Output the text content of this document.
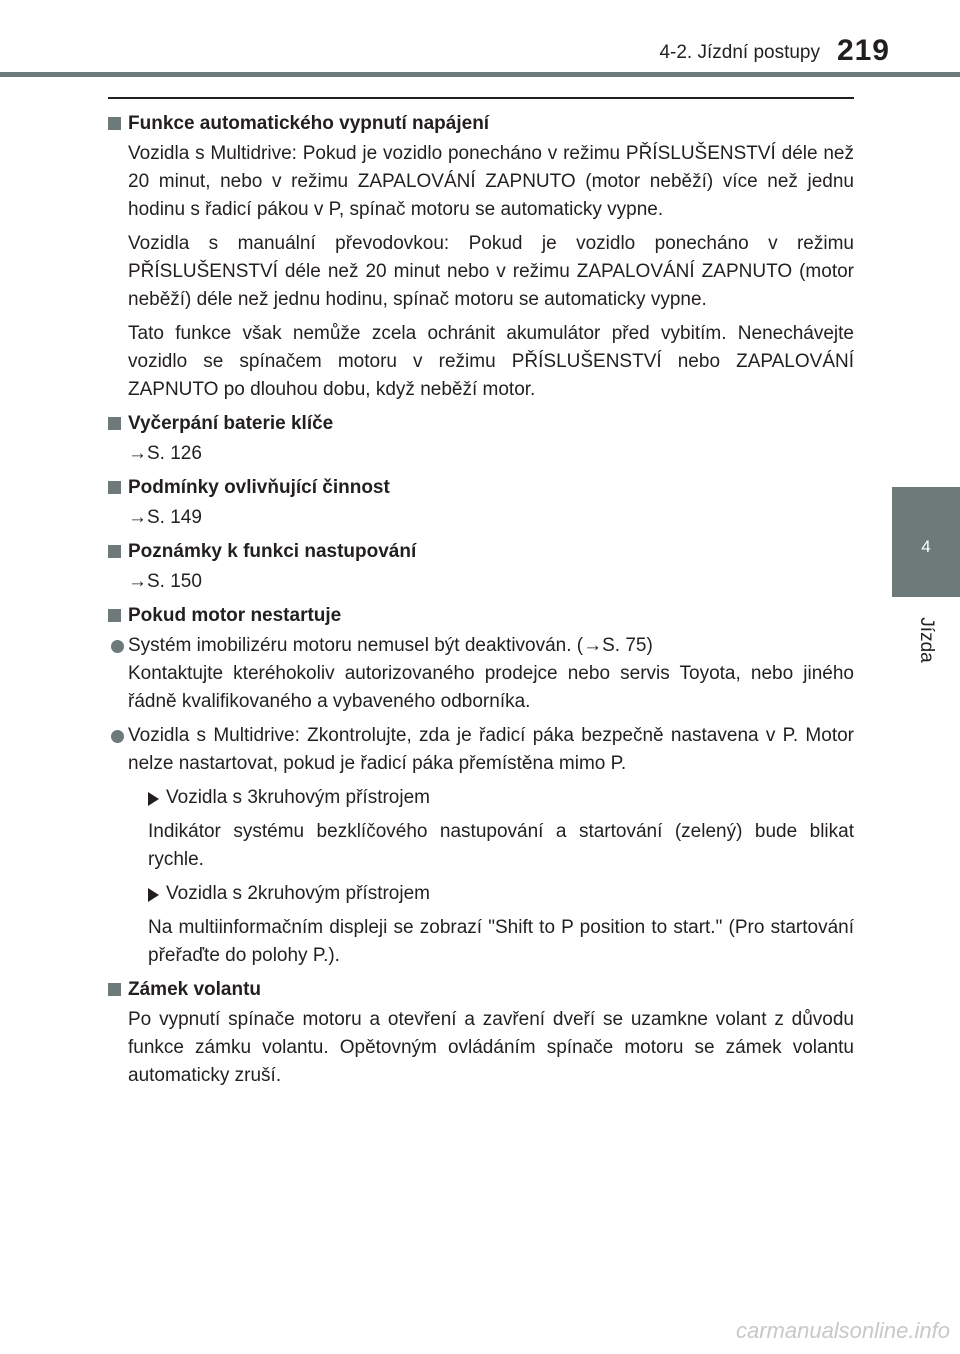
4-2. Jízdní postupy 219
4
Jízda
Funkce automatického vypnutí napájení
Vozidla s Multidrive: Pokud je vozidlo ponecháno v režimu PŘÍSLUŠENSTVÍ déle než 20 minut, nebo v režimu ZAPALOVÁNÍ ZAPNUTO (motor neběží) více než jednu hodinu s řadicí pákou v P, spínač motoru se automaticky vypne.
Vozidla s manuální převodovkou: Pokud je vozidlo ponecháno v režimu PŘÍSLUŠENSTVÍ déle než 20 minut nebo v režimu ZAPALOVÁNÍ ZAPNUTO (motor neběží) déle než jednu hodinu, spínač motoru se automaticky vypne.
Tato funkce však nemůže zcela ochránit akumulátor před vybitím. Nenechávejte vozidlo se spínačem motoru v režimu PŘÍSLUŠENSTVÍ nebo ZAPALOVÁNÍ ZAPNUTO po dlouhou dobu, když neběží motor.
Vyčerpání baterie klíče
→S. 126
Podmínky ovlivňující činnost
→S. 149
Poznámky k funkci nastupování
→S. 150
Pokud motor nestartuje
Systém imobilizéru motoru nemusel být deaktivován. (→S. 75)
Kontaktujte kteréhokoliv autorizovaného prodejce nebo servis Toyota, nebo jiného řádně kvalifikovaného a vybaveného odborníka.
Vozidla s Multidrive: Zkontrolujte, zda je řadicí páka bezpečně nastavena v P. Motor nelze nastartovat, pokud je řadicí páka přemístěna mimo P.
Vozidla s 3kruhovým přístrojem
Indikátor systému bezklíčového nastupování a startování (zelený) bude blikat rychle.
Vozidla s 2kruhovým přístrojem
Na multiinformačním displeji se zobrazí "Shift to P position to start." (Pro startování přeřaďte do polohy P.).
Zámek volantu
Po vypnutí spínače motoru a otevření a zavření dveří se uzamkne volant z důvodu funkce zámku volantu. Opětovným ovládáním spínače motoru se zámek volantu automaticky zruší.
carmanualsonline.info
